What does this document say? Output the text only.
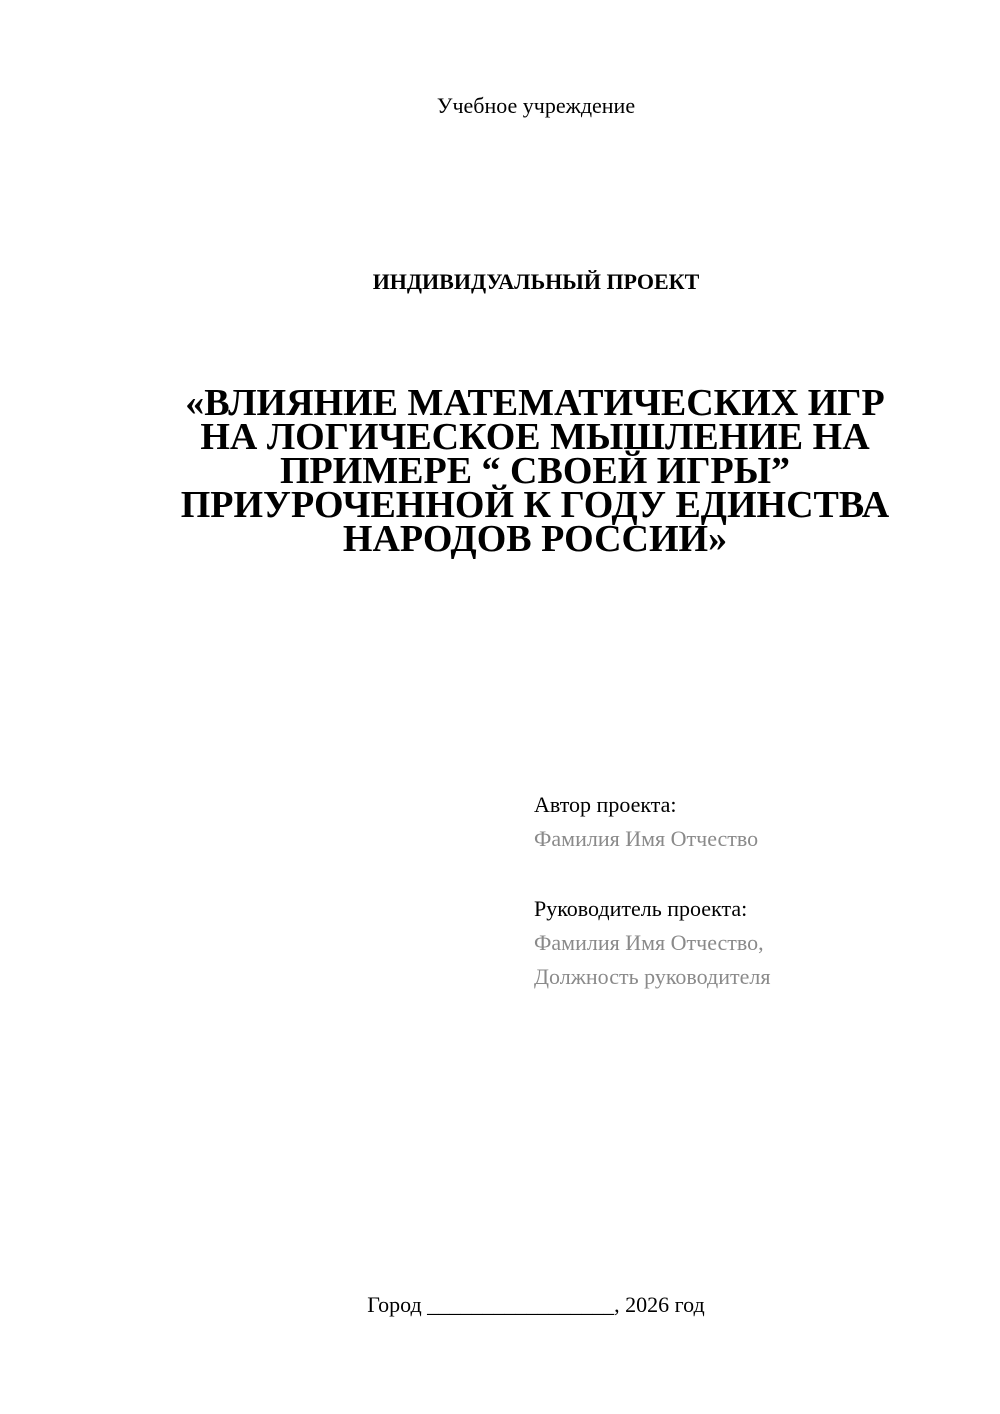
Учебное учреждение
ИНДИВИДУАЛЬНЫЙ ПРОЕКТ
«ВЛИЯНИЕ МАТЕМАТИЧЕСКИХ ИГР
НА ЛОГИЧЕСКОЕ МЫШЛЕНИЕ НА
ПРИМЕРЕ “ СВОЕЙ ИГРЫ”
ПРИУРОЧЕННОЙ К ГОДУ ЕДИНСТВА
НАРОДОВ РОССИИ»
Автор проекта:
Фамилия Имя Отчество
Руководитель проекта:
Фамилия Имя Отчество,
Должность руководителя
Город _________________, 2026 год
